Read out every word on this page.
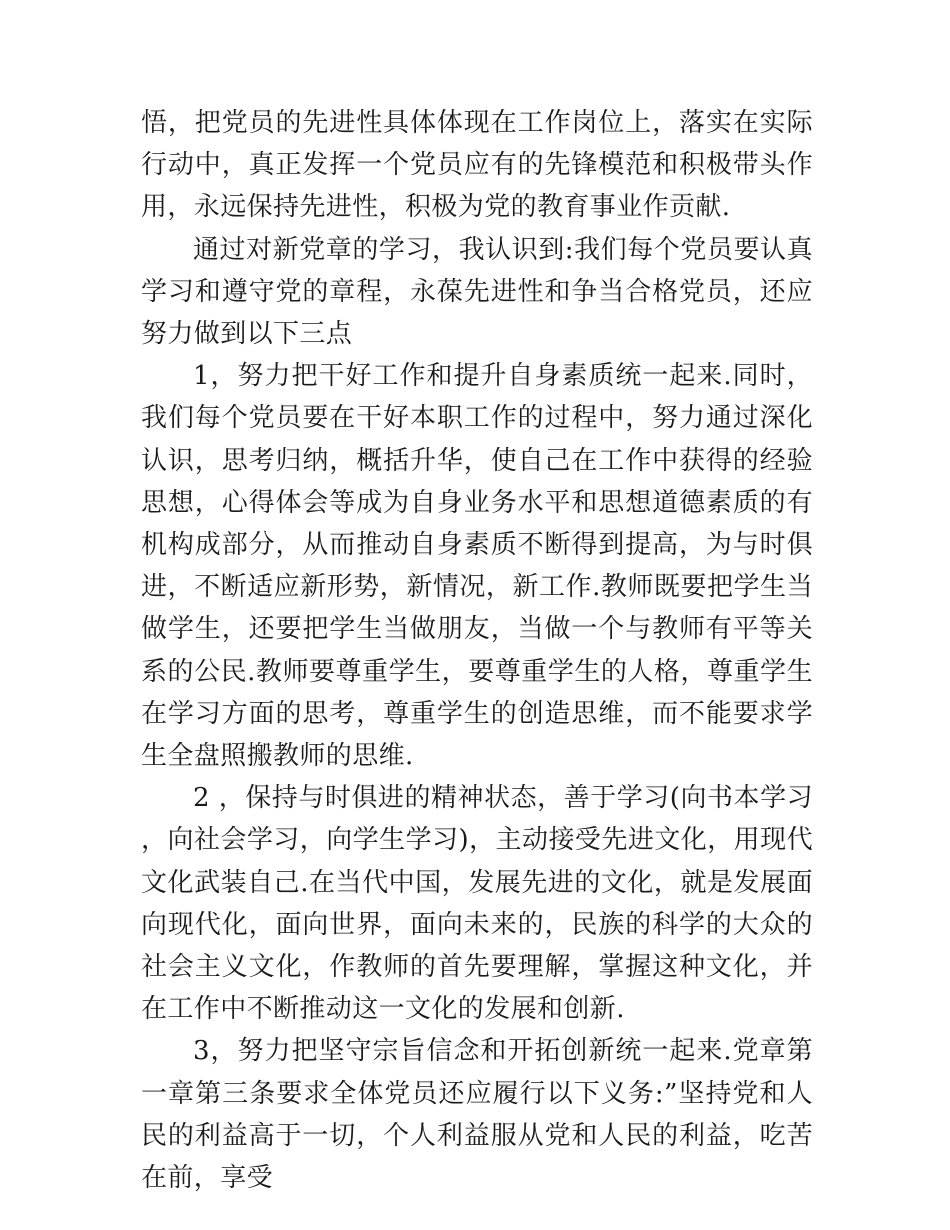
悟，把党员的先进性具体体现在工作岗位上，落实在实际行动中，真正发挥一个党员应有的先锋模范和积极带头作用，永远保持先进性，积极为党的教育事业作贡献.

通过对新党章的学习，我认识到:我们每个党员要认真学习和遵守党的章程，永葆先进性和争当合格党员，还应努力做到以下三点

1，努力把干好工作和提升自身素质统一起来.同时，我们每个党员要在干好本职工作的过程中，努力通过深化认识，思考归纳，概括升华，使自己在工作中获得的经验思想，心得体会等成为自身业务水平和思想道德素质的有机构成部分，从而推动自身素质不断得到提高，为与时俱进，不断适应新形势，新情况，新工作.教师既要把学生当做学生，还要把学生当做朋友，当做一个与教师有平等关系的公民.教师要尊重学生，要尊重学生的人格，尊重学生在学习方面的思考，尊重学生的创造思维，而不能要求学生全盘照搬教师的思维.

2 ，保持与时俱进的精神状态，善于学习(向书本学习，向社会学习，向学生学习)，主动接受先进文化，用现代文化武装自己.在当代中国，发展先进的文化，就是发展面向现代化，面向世界，面向未来的，民族的科学的大众的社会主义文化，作教师的首先要理解，掌握这种文化，并在工作中不断推动这一文化的发展和创新.

3，努力把坚守宗旨信念和开拓创新统一起来.党章第一章第三条要求全体党员还应履行以下义务:”坚持党和人民的利益高于一切，个人利益服从党和人民的利益，吃苦在前，享受
